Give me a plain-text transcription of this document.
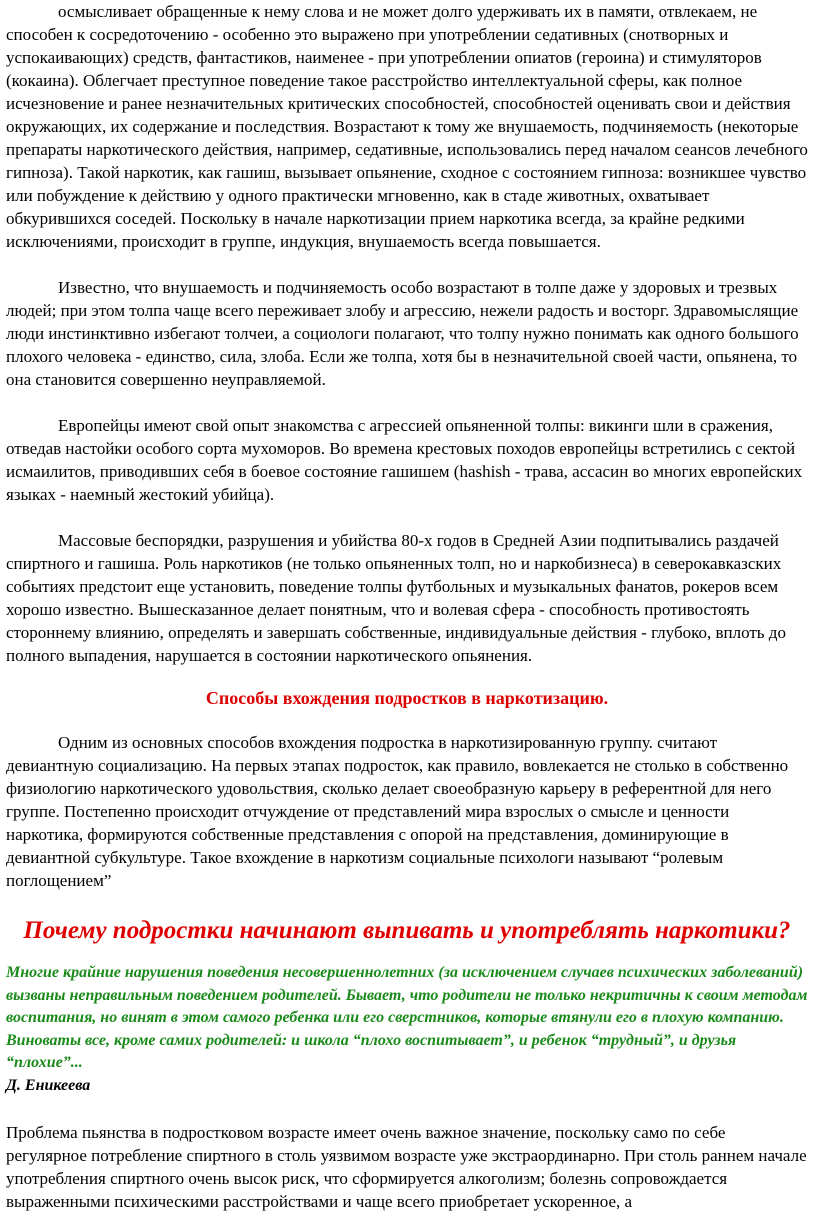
осмысливает обращенные к нему слова и не может долго удерживать их в памяти, отвлекаем, не способен к сосредоточению - особенно это выражено при употреблении седативных (снотворных и успокаивающих) средств, фантастиков, наименее - при употреблении опиатов (героина) и стимуляторов (кокаина). Облегчает преступное поведение такое расстройство интеллектуальной сферы, как полное исчезновение и ранее незначительных критических способностей, способностей оценивать свои и действия окружающих, их содержание и последствия. Возрастают к тому же внушаемость, подчиняемость (некоторые препараты наркотического действия, например, седативные, использовались перед началом сеансов лечебного гипноза). Такой наркотик, как гашиш, вызывает опьянение, сходное с состоянием гипноза: возникшее чувство или побуждение к действию у одного практически мгновенно, как в стаде животных, охватывает обкурившихся соседей. Поскольку в начале наркотизации прием наркотика всегда, за крайне редкими исключениями, происходит в группе, индукция, внушаемость всегда повышается.

Известно, что внушаемость и подчиняемость особо возрастают в толпе даже у здоровых и трезвых людей; при этом толпа чаще всего переживает злобу и агрессию, нежели радость и восторг. Здравомыслящие люди инстинктивно избегают толчеи, а социологи полагают, что толпу нужно понимать как одного большого плохого человека - единство, сила, злоба. Если же толпа, хотя бы в незначительной своей части, опьянена, то она становится совершенно неуправляемой.

Европейцы имеют свой опыт знакомства с агрессией опьяненной толпы: викинги шли в сражения, отведав настойки особого сорта мухоморов. Во времена крестовых походов европейцы встретились с сектой исмаилитов, приводивших себя в боевое состояние гашишем (hashish - трава, ассасин во многих европейских языках - наемный жестокий убийца).

Массовые беспорядки, разрушения и убийства 80-х годов в Средней Азии подпитывались раздачей спиртного и гашиша. Роль наркотиков (не только опьяненных толп, но и наркобизнеса) в северокавказских событиях предстоит еще установить, поведение толпы футбольных и музыкальных фанатов, рокеров всем хорошо известно. Вышесказанное делает понятным, что и волевая сфера - способность противостоять стороннему влиянию, определять и завершать собственные, индивидуальные действия - глубоко, вплоть до полного выпадения, нарушается в состоянии наркотического опьянения.

Способы вхождения подростков в наркотизацию.

Одним из основных способов вхождения подростка в наркотизированную группу. считают девиантную социализацию. На первых этапах подросток, как правило, вовлекается не столько в собственно физиологию наркотического удовольствия, сколько делает своеобразную карьеру в референтной для него группе. Постепенно происходит отчуждение от представлений мира взрослых о смысле и ценности наркотика, формируются собственные представления с опорой на представления, доминирующие в девиантной субкультуре. Такое вхождение в наркотизм социальные психологи называют “ролевым поглощением”

Почему подростки начинают выпивать и употреблять наркотики?

Многие крайние нарушения поведения несовершеннолетних (за исключением случаев психических заболеваний) вызваны неправильным поведением родителей. Бывает, что родители не только некритичны к своим методам воспитания, но винят в этом самого ребенка или его сверстников, которые втянули его в плохую компанию. Виноваты все, кроме самих родителей: и школа “плохо воспитывает”, и ребенок “трудный”, и друзья “плохие”...

Д. Еникеева

Проблема пьянства в подростковом возрасте имеет очень важное значение, поскольку само по себе регулярное потребление спиртного в столь уязвимом возрасте уже экстраординарно. При столь раннем начале употребления спиртного очень высок риск, что сформируется алкоголизм; болезнь сопровождается выраженными психическими расстройствами и чаще всего приобретает ускоренное, а
